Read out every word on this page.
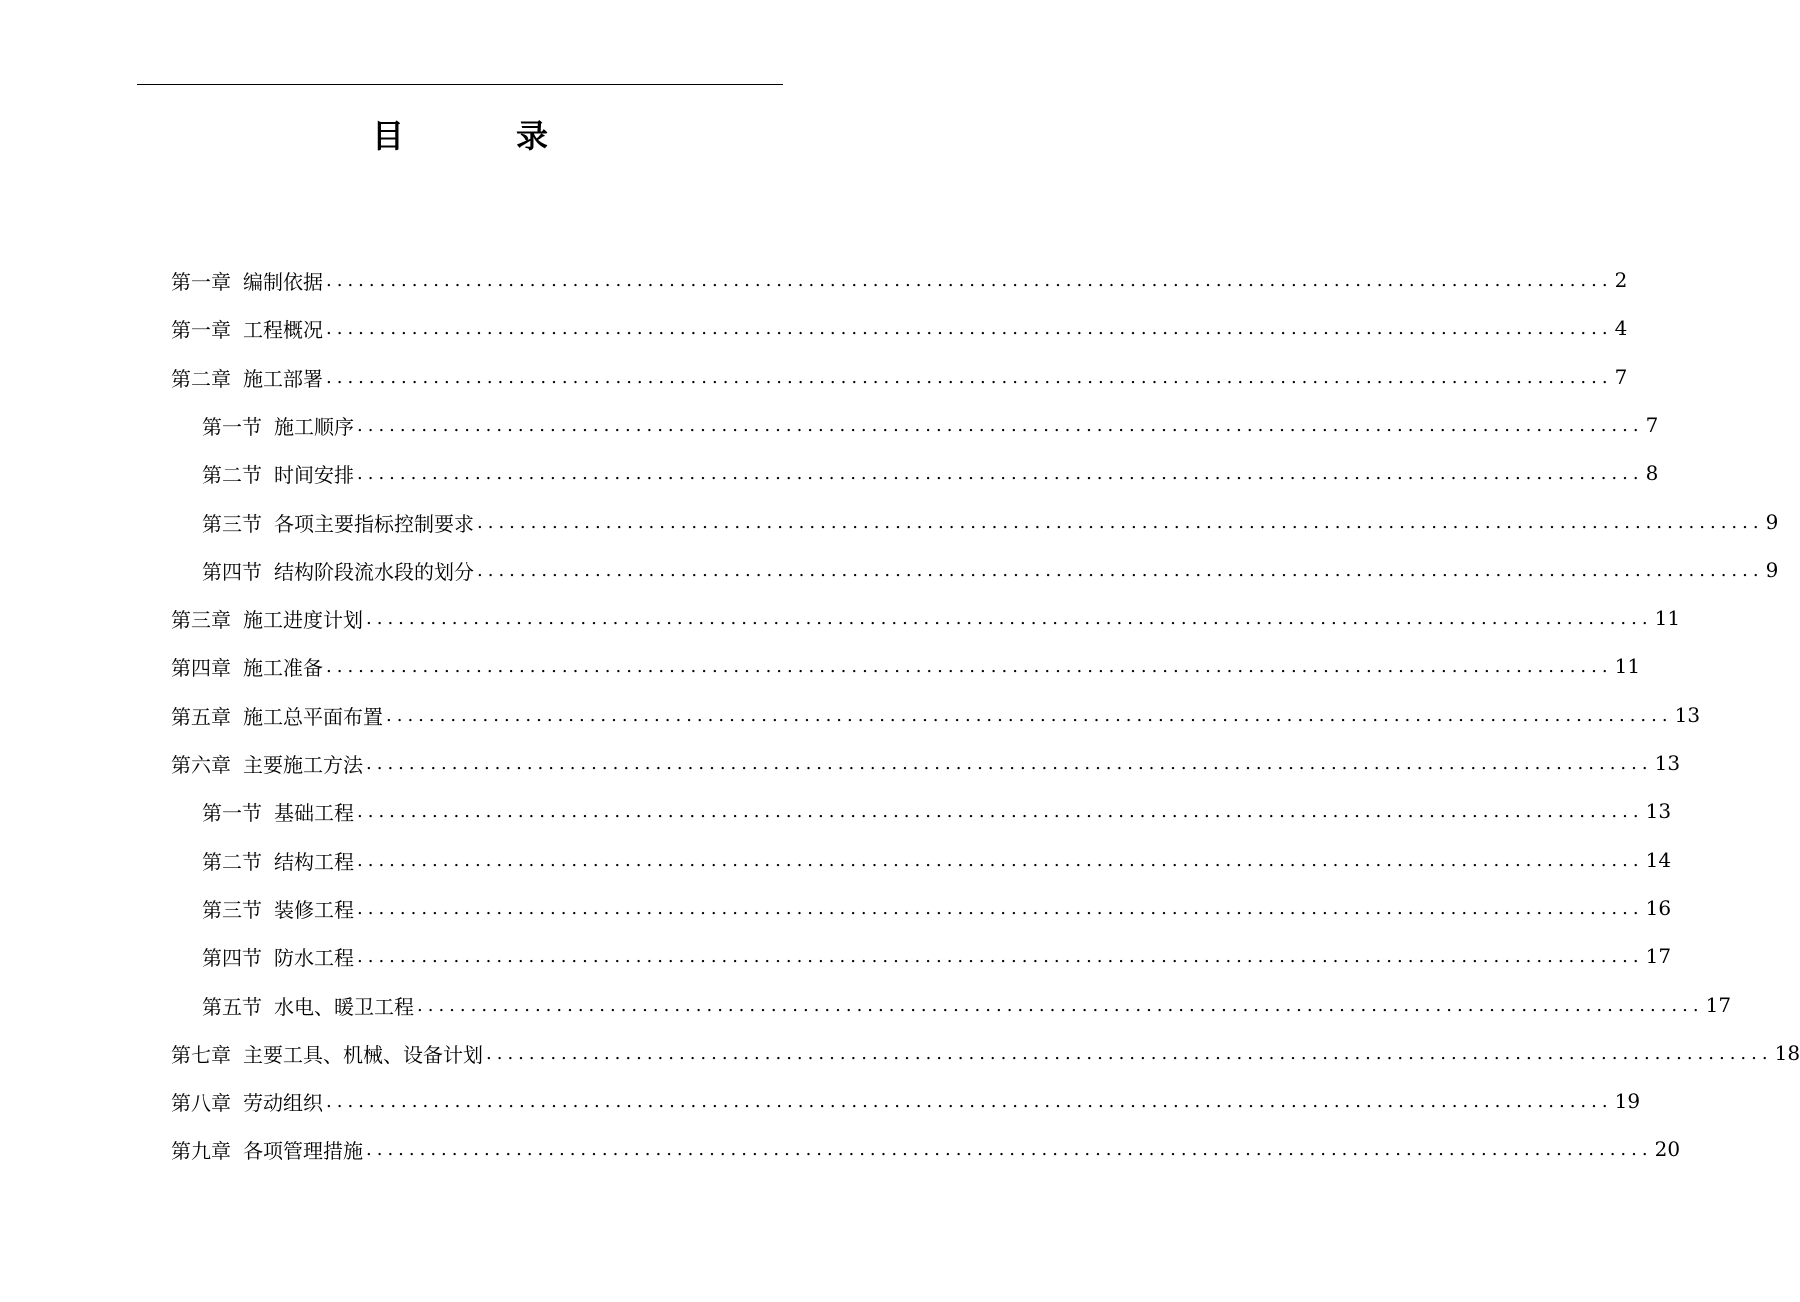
目　录
第一章 编制依据 ........................................................................................................................ 2
第一章 工程概况 ........................................................................................................................ 4
第二章 施工部署 ........................................................................................................................ 7
第一节 施工顺序 ........................................................................................................................ 7
第二节 时间安排 ........................................................................................................................ 8
第三节 各项主要指标控制要求 ........................................................................................................................ 9
第四节 结构阶段流水段的划分 ........................................................................................................................ 9
第三章 施工进度计划 ........................................................................................................................ 11
第四章 施工准备 ........................................................................................................................ 11
第五章 施工总平面布置 ........................................................................................................................ 13
第六章 主要施工方法 ........................................................................................................................ 13
第一节 基础工程 ........................................................................................................................ 13
第二节 结构工程 ........................................................................................................................ 14
第三节 装修工程 ........................................................................................................................ 16
第四节 防水工程 ........................................................................................................................ 17
第五节 水电、暖卫工程 ........................................................................................................................ 17
第七章 主要工具、机械、设备计划 ........................................................................................................................ 18
第八章 劳动组织 ........................................................................................................................ 19
第九章 各项管理措施 ........................................................................................................................ 20
